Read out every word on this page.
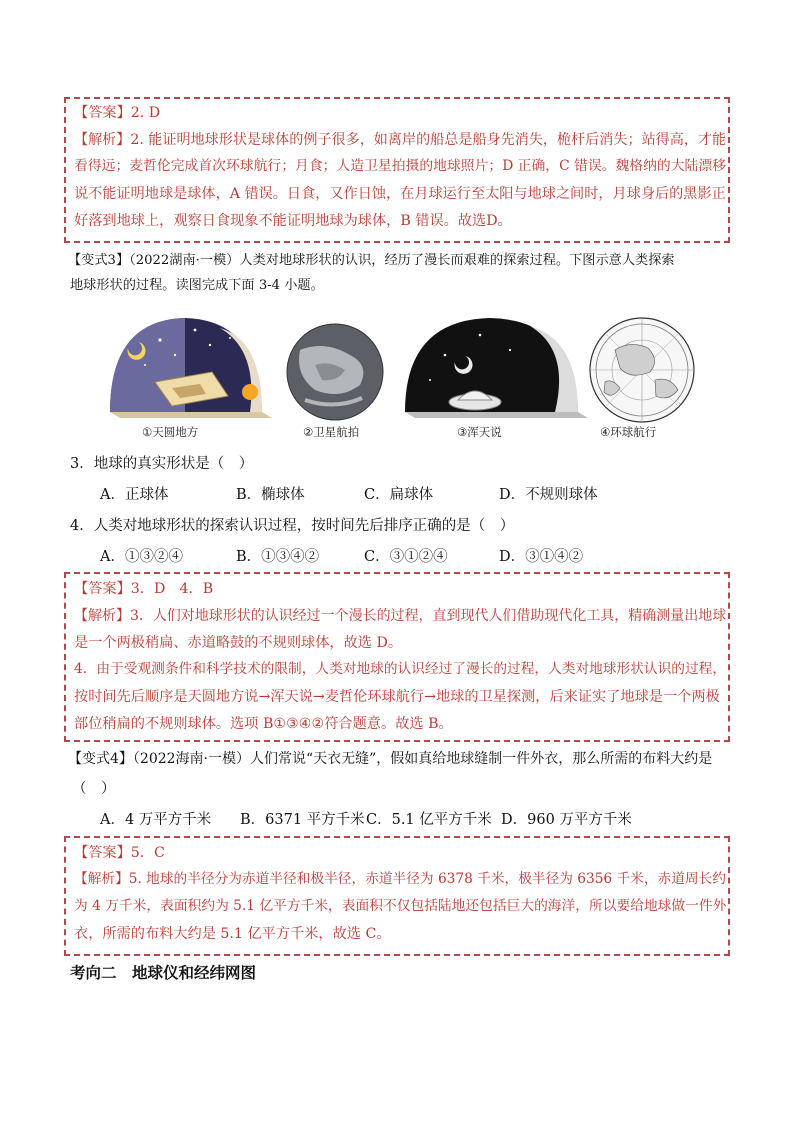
【答案】2. D
【解析】2. 能证明地球形状是球体的例子很多，如离岸的船总是船身先消失，桅杆后消失；站得高，才能
看得远；麦哲伦完成首次环球航行；月食；人造卫星拍摄的地球照片；D 正确，C 错误。魏格纳的大陆漂移
说不能证明地球是球体，A 错误。日食，又作日蚀，在月球运行至太阳与地球之间时，月球身后的黑影正
好落到地球上，观察日食现象不能证明地球为球体，B 错误。故选D。
【变式3】（2022湖南·一模）人类对地球形状的认识，经历了漫长而艰难的探索过程。下图示意人类探索
地球形状的过程。读图完成下面 3-4 小题。
①天圆地方	②卫星航拍	③浑天说	④环球航行
3．地球的真实形状是（　）
A．正球体	B．椭球体	C．扁球体	D．不规则球体
4．人类对地球形状的探索认识过程，按时间先后排序正确的是（　）
A．①③②④	B．①③④②	C．③①②④	D．③①④②
【答案】3．D　4．B
【解析】3．人们对地球形状的认识经过一个漫长的过程，直到现代人们借助现代化工具，精确测量出地球
是一个两极稍扁、赤道略鼓的不规则球体，故选 D。
4．由于受观测条件和科学技术的限制，人类对地球的认识经过了漫长的过程，人类对地球形状认识的过程，
按时间先后顺序是天圆地方说→浑天说→麦哲伦环球航行→地球的卫星探测，后来证实了地球是一个两极
部位稍扁的不规则球体。选项 B①③④②符合题意。故选 B。
【变式4】（2022海南·一模）人们常说“天衣无缝”，假如真给地球缝制一件外衣，那么所需的布料大约是
（　）
A．4 万平方千米 B．6371 平方千米 C．5.1 亿平方千米 D．960 万平方千米
【答案】5．C
【解析】5. 地球的半径分为赤道半径和极半径，赤道半径为 6378 千米，极半径为 6356 千米，赤道周长约
为 4 万千米，表面积约为 5.1 亿平方千米，表面积不仅包括陆地还包括巨大的海洋，所以要给地球做一件外
衣，所需的布料大约是 5.1 亿平方千米，故选 C。
考向二　地球仪和经纬网图
